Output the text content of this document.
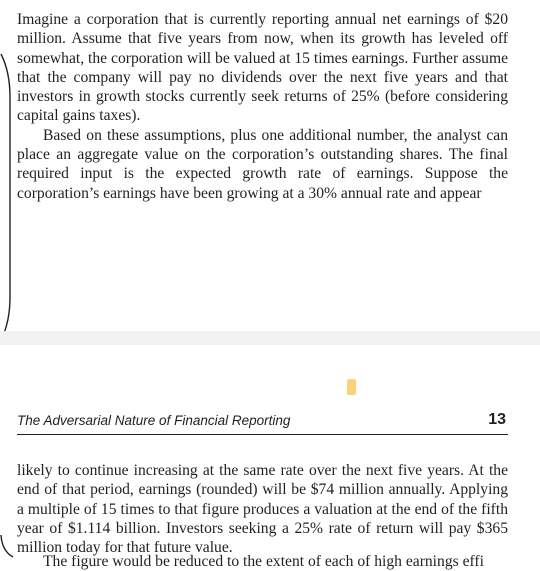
Imagine a corporation that is currently reporting annual net earnings of $20 million. Assume that five years from now, when its growth has leveled off somewhat, the corporation will be valued at 15 times earnings. Further assume that the company will pay no dividends over the next five years and that investors in growth stocks currently seek returns of 25% (before considering capital gains taxes).

Based on these assumptions, plus one additional number, the analyst can place an aggregate value on the corporation’s outstanding shares. The final required input is the expected growth rate of earnings. Suppose the corporation’s earnings have been growing at a 30% annual rate and appear

The Adversarial Nature of Financial Reporting	13

likely to continue increasing at the same rate over the next five years. At the end of that period, earnings (rounded) will be $74 million annually. Applying a multiple of 15 times to that figure produces a valuation at the end of the fifth year of $1.114 billion. Investors seeking a 25% rate of return will pay $365 million today for that future value.

The figure would be reduced to the extent of each of high earnings effi
